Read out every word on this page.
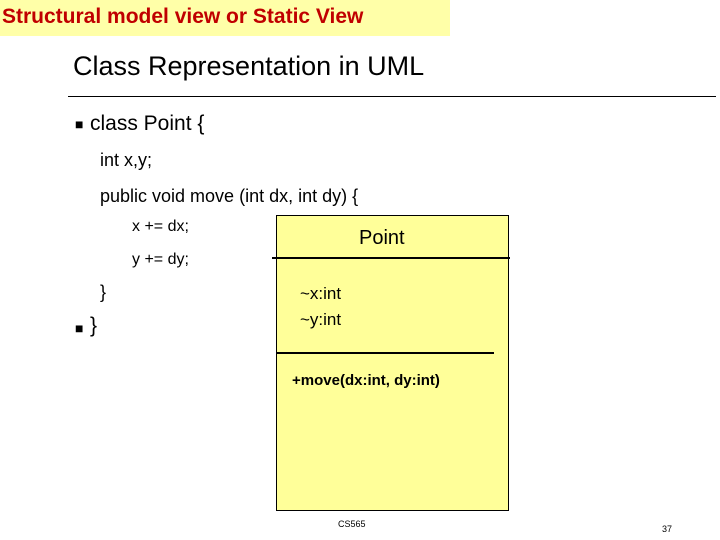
Structural model view or Static View
Class Representation in UML
■ class Point {
int x,y;
public void move (int dx, int dy) {
x += dx;
y += dy;
}
■ }
Point
~x:int
~y:int
+move(dx:int, dy:int)
CS565	37
